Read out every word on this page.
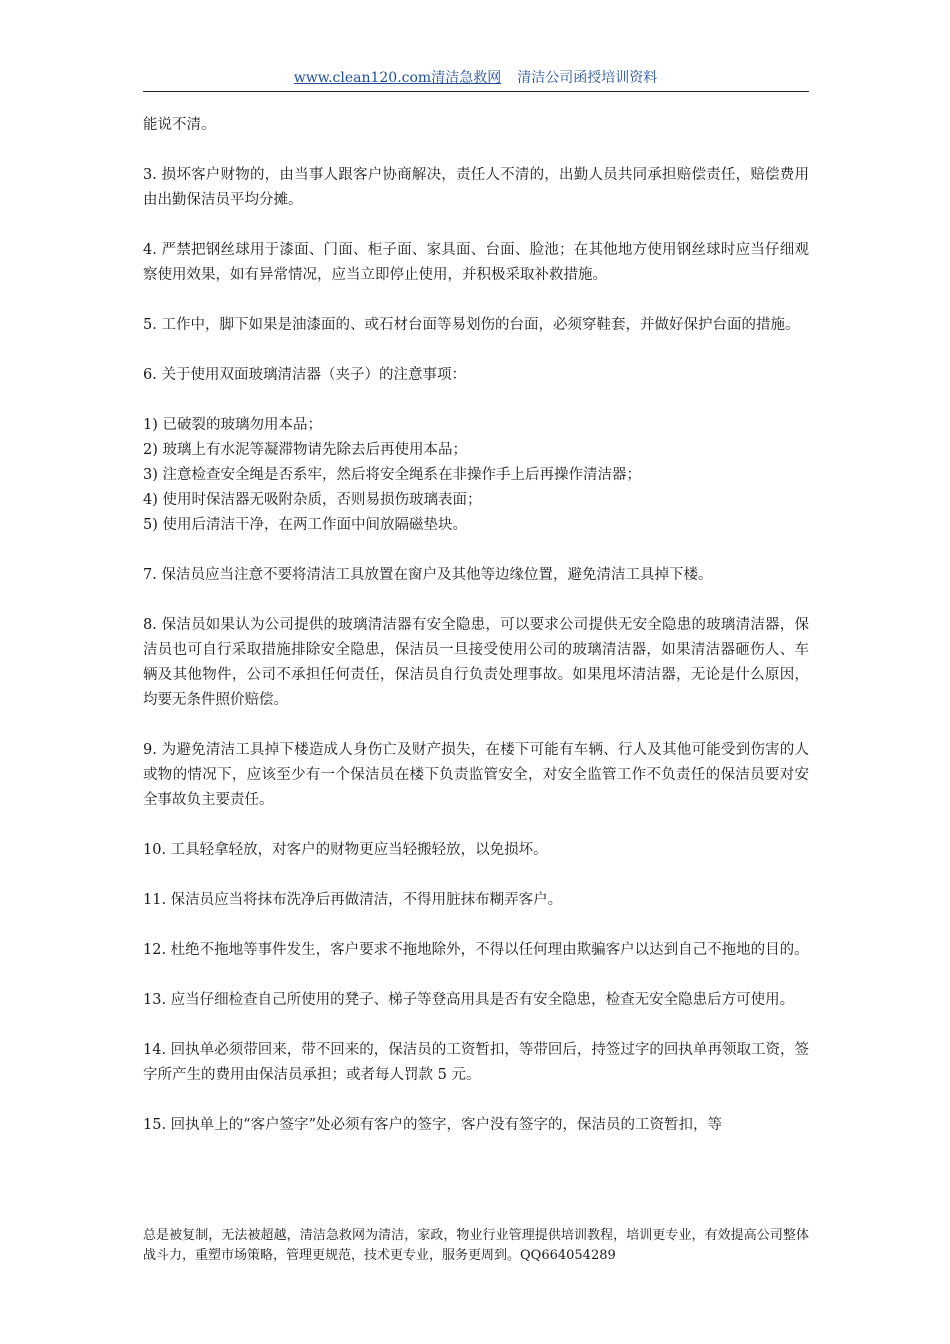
www.clean120.com清洁急救网 清洁公司函授培训资料

能说不清。

3. 损坏客户财物的，由当事人跟客户协商解决，责任人不清的，出勤人员共同承担赔偿责任，赔偿费用由出勤保洁员平均分摊。

4. 严禁把钢丝球用于漆面、门面、柜子面、家具面、台面、脸池；在其他地方使用钢丝球时应当仔细观察使用效果，如有异常情况，应当立即停止使用，并积极采取补救措施。

5. 工作中，脚下如果是油漆面的、或石材台面等易划伤的台面，必须穿鞋套，并做好保护台面的措施。

6. 关于使用双面玻璃清洁器（夹子）的注意事项：

1) 已破裂的玻璃勿用本品；

2) 玻璃上有水泥等凝滞物请先除去后再使用本品；

3) 注意检查安全绳是否系牢，然后将安全绳系在非操作手上后再操作清洁器；

4) 使用时保洁器无吸附杂质，否则易损伤玻璃表面；

5) 使用后清洁干净，在两工作面中间放隔磁垫块。

7. 保洁员应当注意不要将清洁工具放置在窗户及其他等边缘位置，避免清洁工具掉下楼。

8. 保洁员如果认为公司提供的玻璃清洁器有安全隐患，可以要求公司提供无安全隐患的玻璃清洁器，保洁员也可自行采取措施排除安全隐患，保洁员一旦接受使用公司的玻璃清洁器，如果清洁器砸伤人、车辆及其他物件，公司不承担任何责任，保洁员自行负责处理事故。如果甩坏清洁器，无论是什么原因，均要无条件照价赔偿。

9. 为避免清洁工具掉下楼造成人身伤亡及财产损失，在楼下可能有车辆、行人及其他可能受到伤害的人或物的情况下，应该至少有一个保洁员在楼下负责监管安全，对安全监管工作不负责任的保洁员要对安全事故负主要责任。

10. 工具轻拿轻放，对客户的财物更应当轻搬轻放，以免损坏。

11. 保洁员应当将抹布洗净后再做清洁，不得用脏抹布糊弄客户。

12. 杜绝不拖地等事件发生，客户要求不拖地除外，不得以任何理由欺骗客户以达到自己不拖地的目的。

13. 应当仔细检查自己所使用的凳子、梯子等登高用具是否有安全隐患，检查无安全隐患后方可使用。

14. 回执单必须带回来，带不回来的，保洁员的工资暂扣，等带回后，持签过字的回执单再领取工资，签字所产生的费用由保洁员承担；或者每人罚款 5 元。

15. 回执单上的“客户签字”处必须有客户的签字，客户没有签字的，保洁员的工资暂扣，等

总是被复制，无法被超越，清洁急救网为清洁，家政，物业行业管理提供培训教程，培训更专业，有效提高公司整体战斗力，重塑市场策略，管理更规范，技术更专业，服务更周到。QQ664054289
